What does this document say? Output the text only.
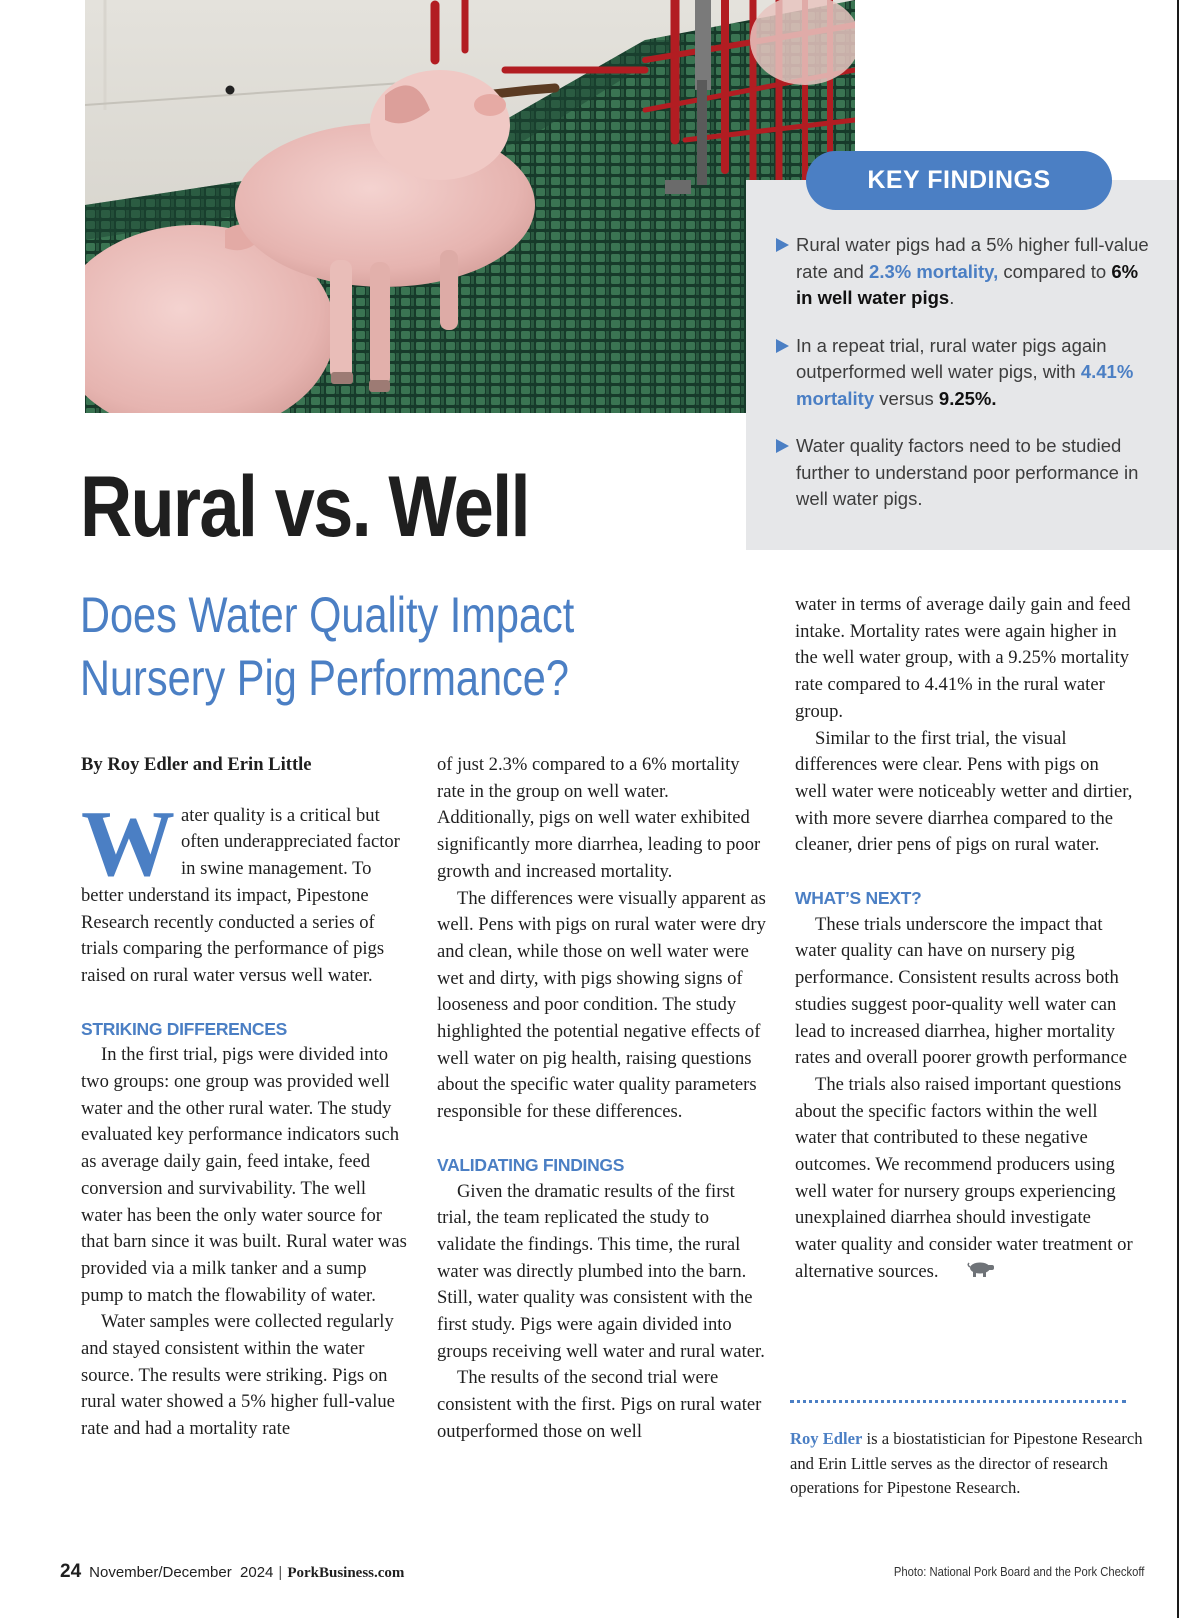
KEY FINDINGS
Rural water pigs had a 5% higher full-value rate and 2.3% mortality, compared to 6% in well water pigs.
In a repeat trial, rural water pigs again outperformed well water pigs, with 4.41% mortality versus 9.25%.
Water quality factors need to be studied further to understand poor performance in well water pigs.
Rural vs. Well
Does Water Quality Impact
Nursery Pig Performance?

By Roy Edler and Erin Little

Water quality is a critical but often underappreciated factor in swine management. To better understand its impact, Pipestone Research recently conducted a series of trials comparing the performance of pigs raised on rural water versus well water.

STRIKING DIFFERENCES

In the first trial, pigs were divided into two groups: one group was provided well water and the other rural water. The study evaluated key performance indicators such as average daily gain, feed intake, feed conversion and survivability. The well water has been the only water source for that barn since it was built. Rural water was provided via a milk tanker and a sump pump to match the flowability of water.

Water samples were collected regularly and stayed consistent within the water source. The results were striking. Pigs on rural water showed a 5% higher full-value rate and had a mortality rate

of just 2.3% compared to a 6% mortality rate in the group on well water. Additionally, pigs on well water exhibited significantly more diarrhea, leading to poor growth and increased mortality.

The differences were visually apparent as well. Pens with pigs on rural water were dry and clean, while those on well water were wet and dirty, with pigs showing signs of looseness and poor condition. The study highlighted the potential negative effects of well water on pig health, raising questions about the specific water quality parameters responsible for these differences.

VALIDATING FINDINGS

Given the dramatic results of the first trial, the team replicated the study to validate the findings. This time, the rural water was directly plumbed into the barn. Still, water quality was consistent with the first study. Pigs were again divided into groups receiving well water and rural water.

The results of the second trial were consistent with the first. Pigs on rural water outperformed those on well

water in terms of average daily gain and feed intake. Mortality rates were again higher in the well water group, with a 9.25% mortality rate compared to 4.41% in the rural water group.

Similar to the first trial, the visual differences were clear. Pens with pigs on well water were noticeably wetter and dirtier, with more severe diarrhea compared to the cleaner, drier pens of pigs on rural water.

WHAT’S NEXT?

These trials underscore the impact that water quality can have on nursery pig performance. Consistent results across both studies suggest poor-quality well water can lead to increased diarrhea, higher mortality rates and overall poorer growth performance

The trials also raised important questions about the specific factors within the well water that contributed to these negative outcomes. We recommend producers using well water for nursery groups experiencing unexplained diarrhea should investigate water quality and consider water treatment or alternative sources.

Roy Edler is a biostatistician for Pipestone Research and Erin Little serves as the director of research operations for Pipestone Research.
24 November/December  2024 | PorkBusiness.com	Photo: National Pork Board and the Pork Checkoff
